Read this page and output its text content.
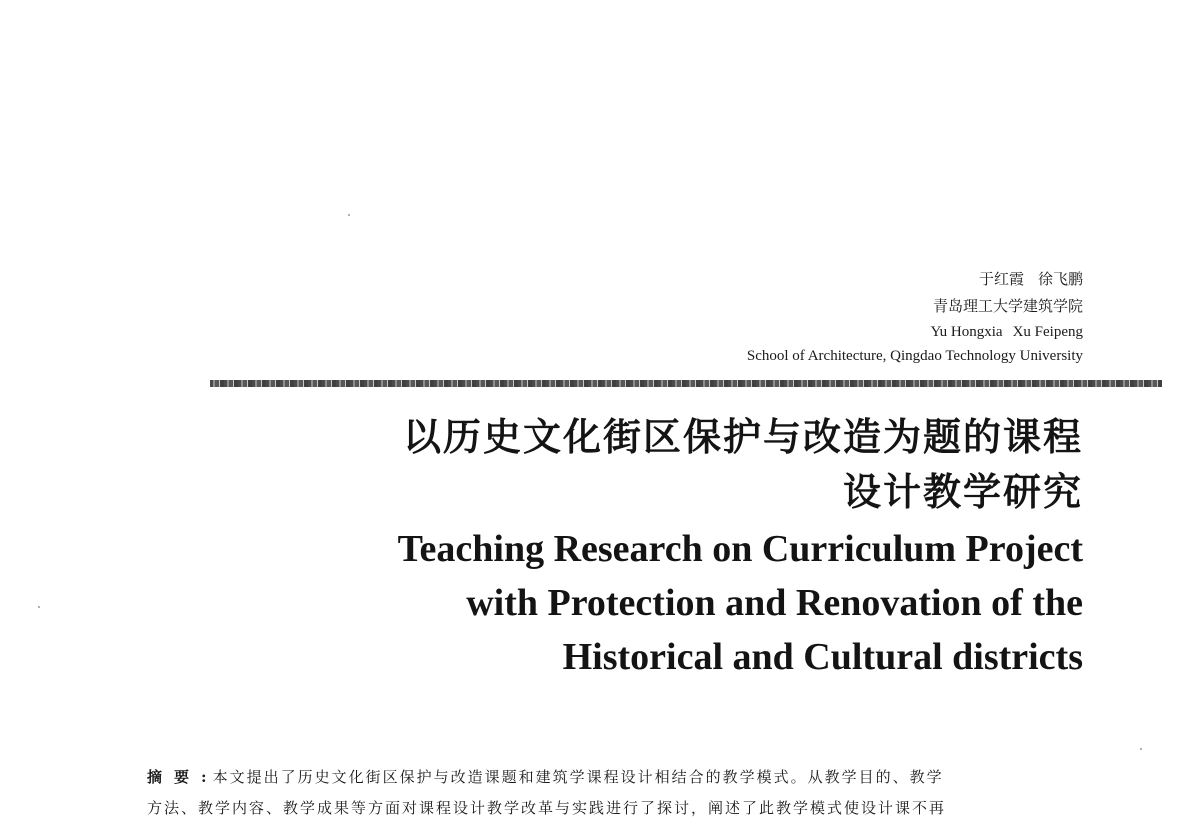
于红霞 徐飞鹏
青岛理工大学建筑学院
Yu Hongxia Xu Feipeng
School of Architecture, Qingdao Technology University
以历史文化街区保护与改造为题的课程
设计教学研究
Teaching Research on Curriculum Project
with Protection and Renovation of the
Historical and Cultural districts
摘要: 本文提出了历史文化街区保护与改造课题和建筑学课程设计相结合的教学模式。从教学目的、教学
方法、教学内容、教学成果等方面对课程设计教学改革与实践进行了探讨，阐述了此教学模式使设计课不再
